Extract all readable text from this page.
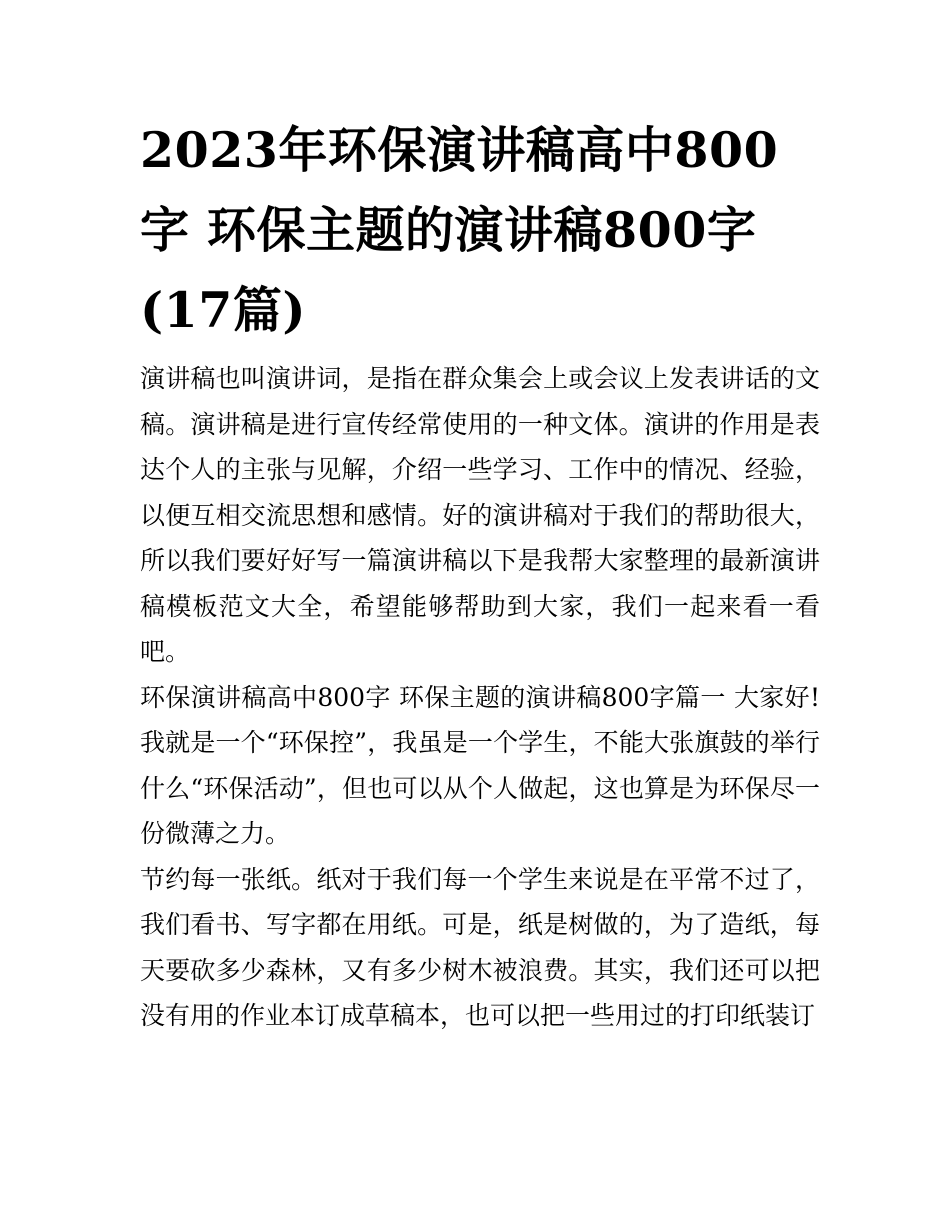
2023年环保演讲稿高中800字 环保主题的演讲稿800字(17篇)

演讲稿也叫演讲词，是指在群众集会上或会议上发表讲话的文稿。演讲稿是进行宣传经常使用的一种文体。演讲的作用是表达个人的主张与见解，介绍一些学习、工作中的情况、经验，以便互相交流思想和感情。好的演讲稿对于我们的帮助很大，所以我们要好好写一篇演讲稿以下是我帮大家整理的最新演讲稿模板范文大全，希望能够帮助到大家，我们一起来看一看吧。

环保演讲稿高中800字 环保主题的演讲稿800字篇一 大家好!我就是一个“环保控”，我虽是一个学生，不能大张旗鼓的举行什么“环保活动”，但也可以从个人做起，这也算是为环保尽一份微薄之力。

节约每一张纸。纸对于我们每一个学生来说是在平常不过了，我们看书、写字都在用纸。可是，纸是树做的，为了造纸，每天要砍多少森林，又有多少树木被浪费。其实，我们还可以把没有用的作业本订成草稿本，也可以把一些用过的打印纸装订
